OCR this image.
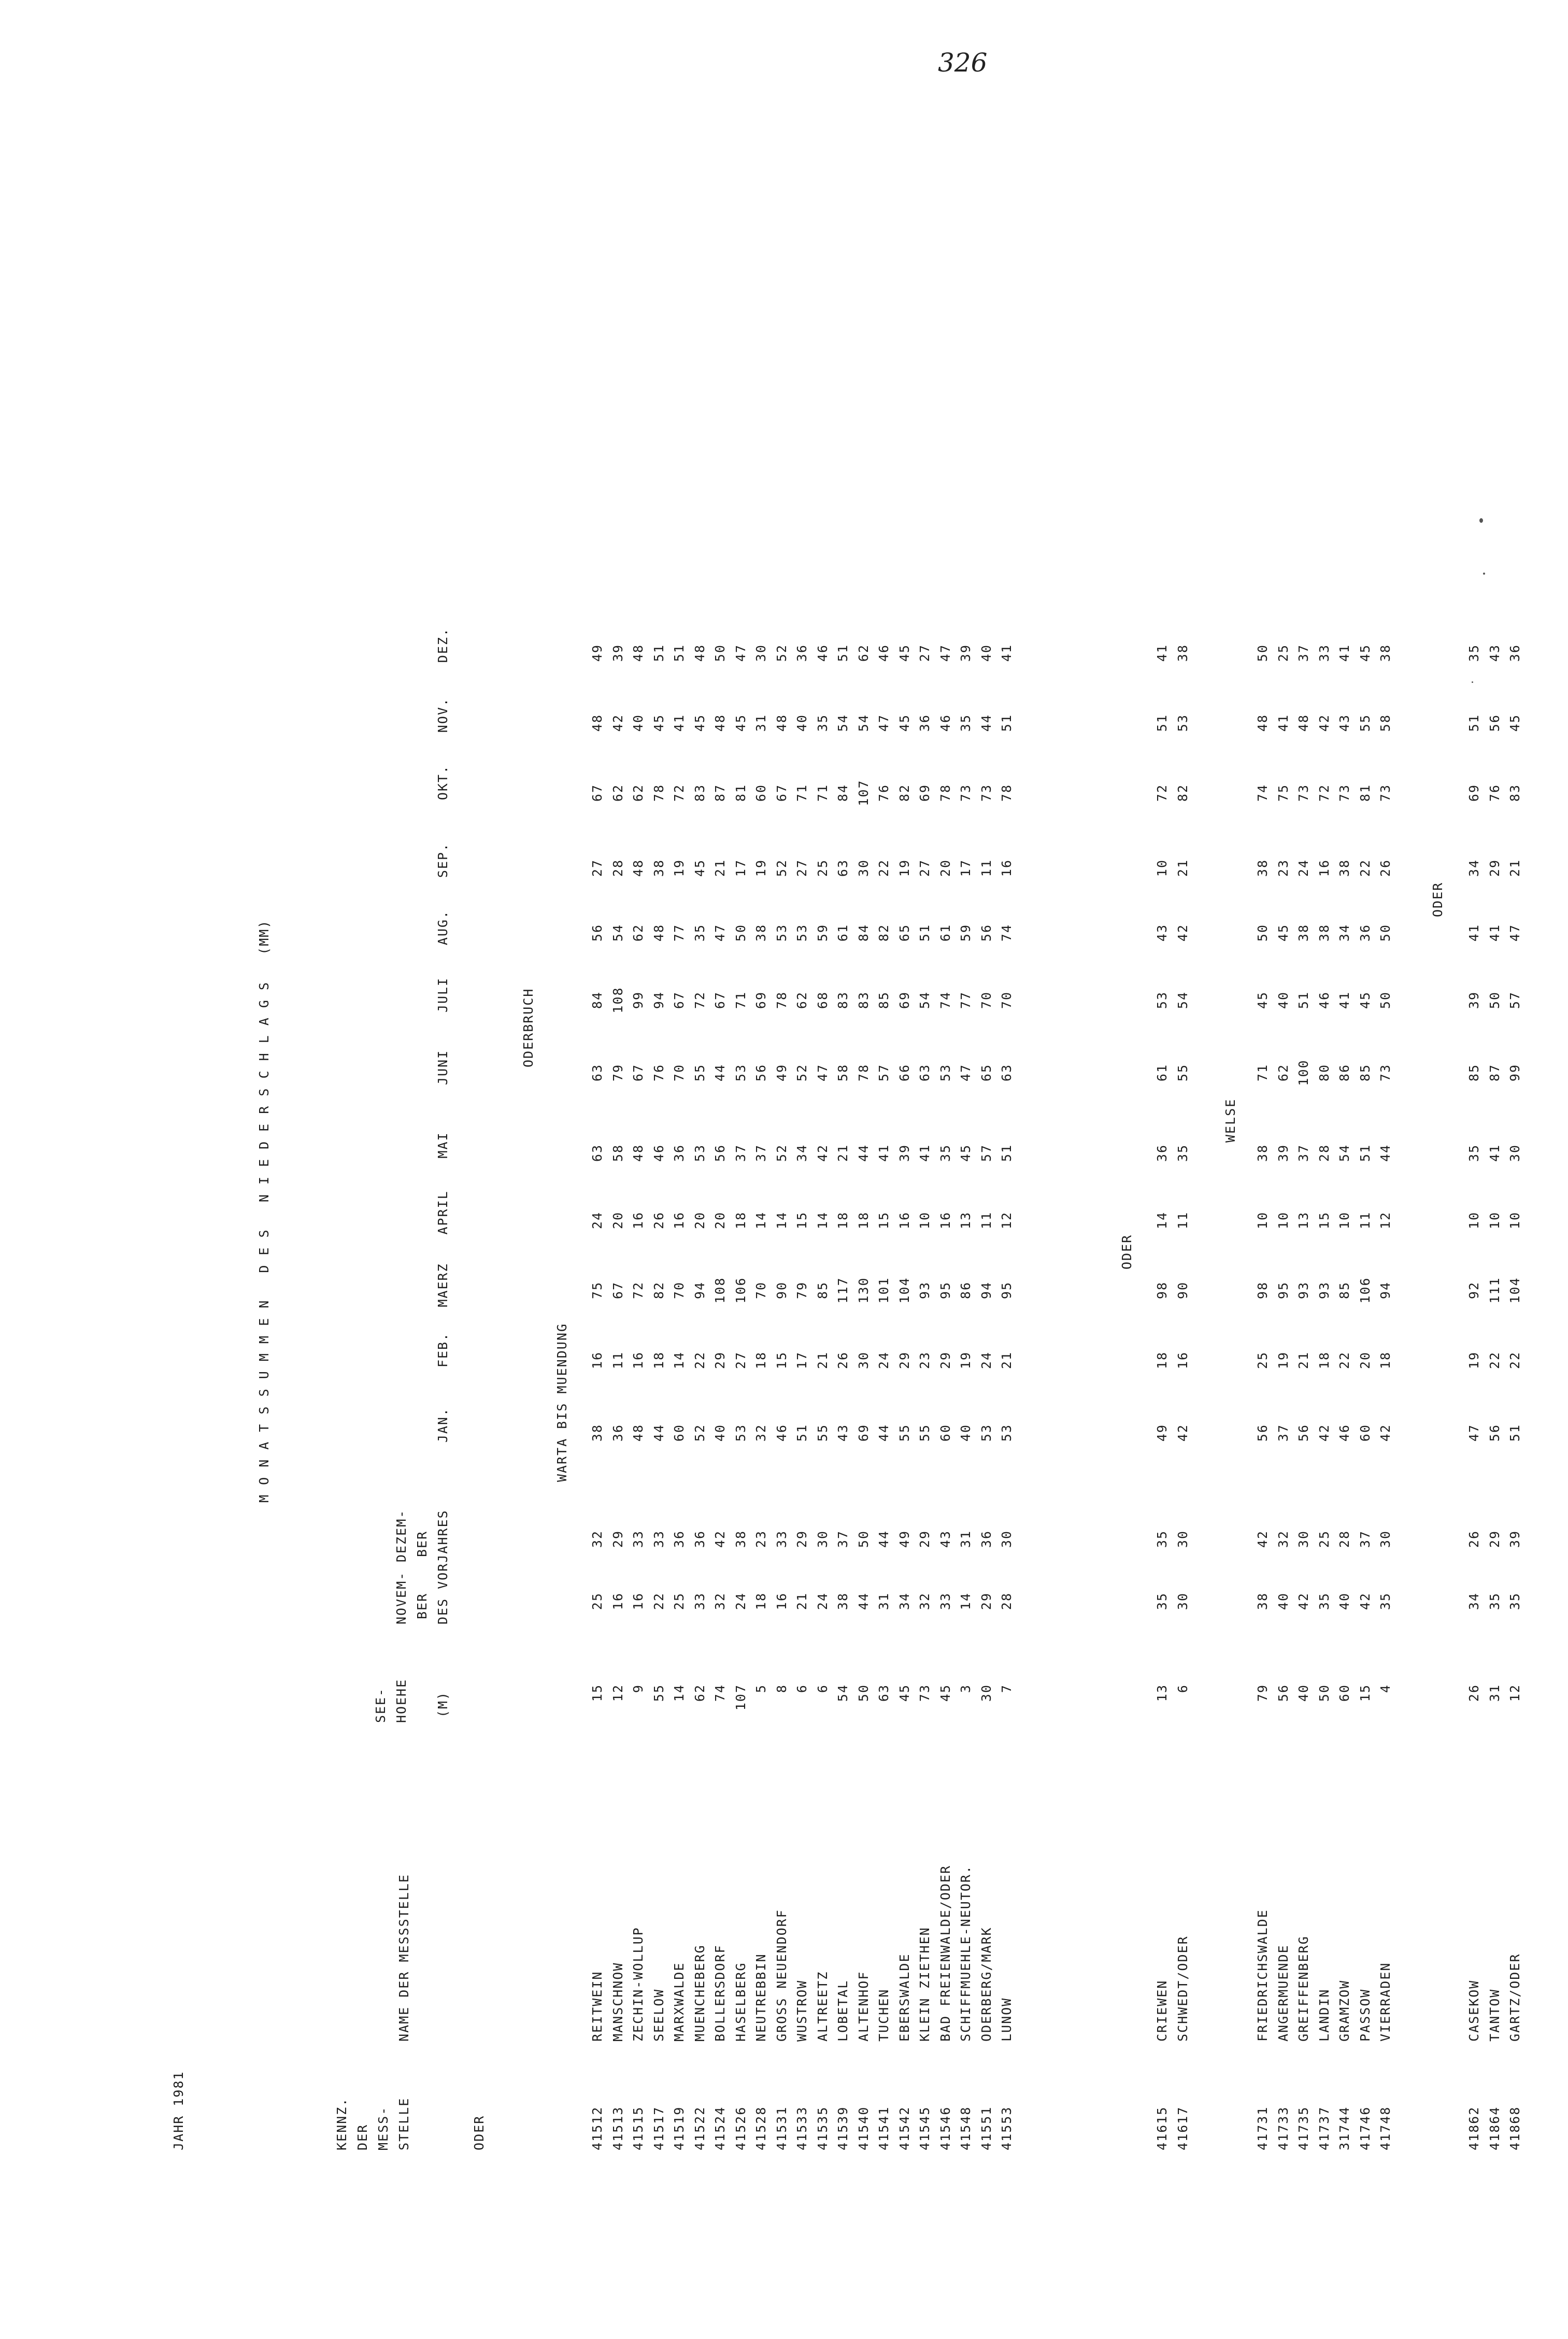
326
JAHR 1981
M O N A T S S U M M E N   D E S   N I E D E R S C H L A G S   (MM)
KENNZ. DER MESS- STELLE
NAME DER MESSSTELLE
SEE- HOEHE (M)
NOVEM- BER
DEZEM- BER DES VORJAHRES
ODER
JAN.
FEB.
MAERZ
APRIL
MAI
JUNI
JULI
AUG.
SEP.
OKT.
NOV.
DEZ.
WARTA BIS MUENDUNG
ODERBRUCH
41512
REITWEIN
15
25
32
38
16
75
24
63
63
84
56
27
67
48
49
41513
MANSCHNOW
12
16
29
36
11
67
20
58
79
108
54
28
62
42
39
41515
ZECHIN-WOLLUP
9
16
33
48
16
72
16
48
67
99
62
48
62
40
48
41517
SEELOW
55
22
33
44
18
82
26
46
76
94
48
38
78
45
51
41519
MARXWALDE
14
25
36
60
14
70
16
36
70
67
77
19
72
41
51
41522
MUENCHEBERG
62
33
36
52
22
94
20
53
55
72
35
45
83
45
48
41524
BOLLERSDORF
74
32
42
40
29
108
20
56
44
67
47
21
87
48
50
41526
HASELBERG
107
24
38
53
27
106
18
37
53
71
50
17
81
45
47
41528
NEUTREBBIN
5
18
23
32
18
70
14
37
56
69
38
19
60
31
30
41531
GROSS NEUENDORF
8
16
33
46
15
90
14
52
49
78
53
52
67
48
52
41533
WUSTROW
6
21
29
51
17
79
15
34
52
62
53
27
71
40
36
41535
ALTREETZ
6
24
30
55
21
85
14
42
47
68
59
25
71
35
46
41539
LOBETAL
54
38
37
43
26
117
18
21
58
83
61
63
84
54
51
41540
ALTENHOF
50
44
50
69
30
130
18
44
78
83
84
30
107
54
62
41541
TUCHEN
63
31
44
44
24
101
15
41
57
85
82
22
76
47
46
41542
EBERSWALDE
45
34
49
55
29
104
16
39
66
69
65
19
82
45
45
41545
KLEIN ZIETHEN
73
32
29
55
23
93
10
41
63
54
51
27
69
36
27
41546
BAD FREIENWALDE/ODER
45
33
43
60
29
95
16
35
53
74
61
20
78
46
47
41548
SCHIFFMUEHLE-NEUTOR.
3
14
31
40
19
86
13
45
47
77
59
17
73
35
39
41551
ODERBERG/MARK
30
29
36
53
24
94
11
57
65
70
56
11
73
44
40
41553
LUNOW
7
28
30
53
21
95
12
51
63
70
74
16
78
51
41
ODER
41615
CRIEWEN
13
35
35
49
18
98
14
36
61
53
43
10
72
51
41
41617
SCHWEDT/ODER
6
30
30
42
16
90
11
35
55
54
42
21
82
53
38
WELSE
41731
FRIEDRICHSWALDE
79
38
42
56
25
98
10
38
71
45
50
38
74
48
50
41733
ANGERMUENDE
56
40
32
37
19
95
10
39
62
40
45
23
75
41
25
41735
GREIFFENBERG
40
42
30
56
21
93
13
37
100
51
38
24
73
48
37
41737
LANDIN
50
35
25
42
18
93
15
28
80
46
38
16
72
42
33
31744
GRAMZOW
60
40
28
46
22
85
10
54
86
41
34
38
73
43
41
41746
PASSOW
15
42
37
60
20
106
11
51
85
45
36
22
81
55
45
41748
VIERRADEN
4
35
30
42
18
94
12
44
73
50
50
26
73
58
38
ODER
41862
CASEKOW
26
34
26
47
19
92
10
35
85
39
41
34
69
51
35
41864
TANTOW
31
35
29
56
22
111
10
41
87
50
41
29
76
56
43
41868
GARTZ/ODER
12
35
39
51
22
104
10
30
99
57
47
21
83
45
36
